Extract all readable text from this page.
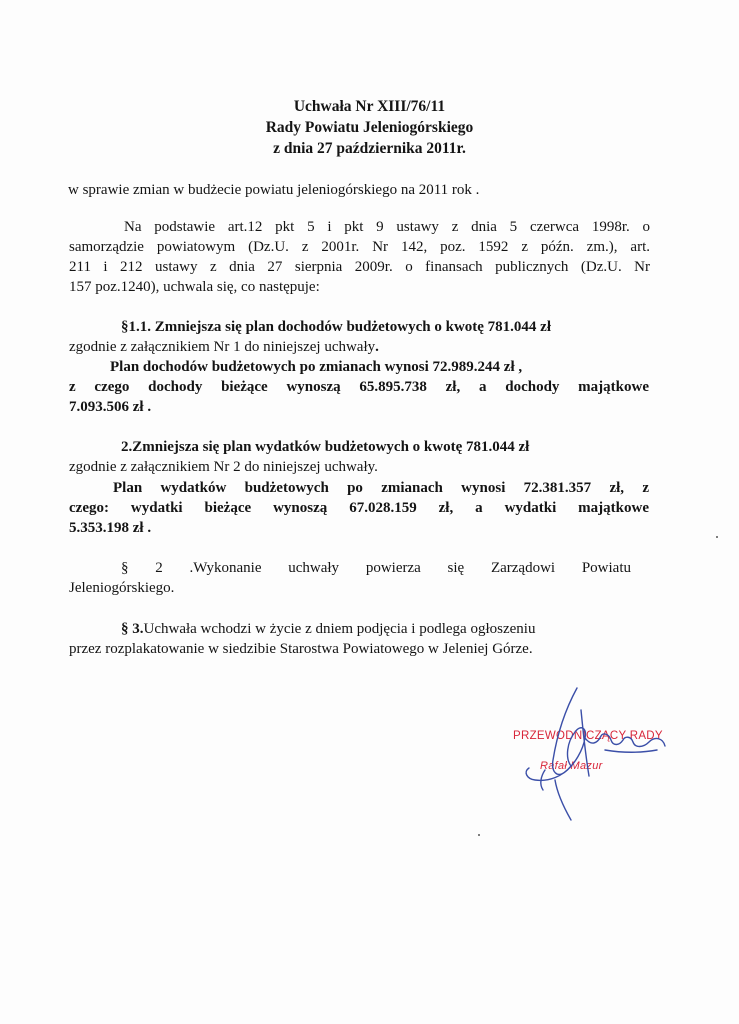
Uchwała Nr XIII/76/11
Rady Powiatu Jeleniogórskiego
z dnia 27 października 2011r.
w sprawie zmian w budżecie powiatu jeleniogórskiego na 2011 rok .
Na podstawie art.12 pkt 5 i pkt 9 ustawy z dnia 5 czerwca 1998r. o
samorządzie powiatowym (Dz.U. z 2001r. Nr 142, poz. 1592 z późn. zm.), art.
211 i 212 ustawy z dnia 27 sierpnia 2009r. o finansach publicznych (Dz.U. Nr
157 poz.1240), uchwala się, co następuje:
§1.1. Zmniejsza się plan dochodów budżetowych o kwotę 781.044 zł
zgodnie z załącznikiem Nr 1 do niniejszej uchwały.
Plan dochodów budżetowych po zmianach wynosi 72.989.244 zł ,
z czego dochody bieżące wynoszą 65.895.738 zł, a dochody majątkowe
7.093.506 zł .
2.Zmniejsza się plan wydatków budżetowych o kwotę 781.044 zł
zgodnie z załącznikiem Nr 2 do niniejszej uchwały.
Plan wydatków budżetowych po zmianach wynosi 72.381.357 zł, z
czego: wydatki bieżące wynoszą 67.028.159 zł, a wydatki majątkowe
5.353.198 zł .
§ 2 .Wykonanie uchwały powierza się Zarządowi Powiatu
Jeleniogórskiego.
§ 3.Uchwała wchodzi w życie z dniem podjęcia i podlega ogłoszeniu
przez rozplakatowanie w siedzibie Starostwa Powiatowego w Jeleniej Górze.
PRZEWODNICZĄCY RADY
Rafał Mazur
